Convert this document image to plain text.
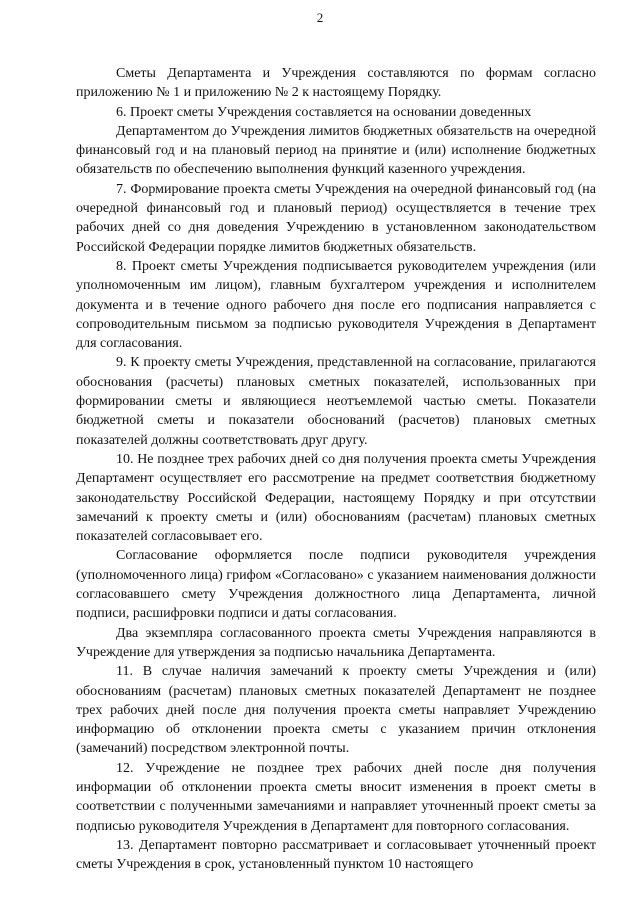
2

Сметы Департамента и Учреждения составляются по формам согласно приложению № 1 и приложению № 2 к настоящему Порядку.

6. Проект сметы Учреждения составляется на основании доведенных

Департаментом до Учреждения лимитов бюджетных обязательств на очередной финансовый год и на плановый период на принятие и (или) исполнение бюджетных обязательств по обеспечению выполнения функций казенного учреждения.

7. Формирование проекта сметы Учреждения на очередной финансовый год (на очередной финансовый год и плановый период) осуществляется в течение трех рабочих дней со дня доведения Учреждению в установленном законодательством Российской Федерации порядке лимитов бюджетных обязательств.

8. Проект сметы Учреждения подписывается руководителем учреждения (или уполномоченным им лицом), главным бухгалтером учреждения и исполнителем документа и в течение одного рабочего дня после его подписания направляется с сопроводительным письмом за подписью руководителя Учреждения в Департамент для согласования.

9. К проекту сметы Учреждения, представленной на согласование, прилагаются обоснования (расчеты) плановых сметных показателей, использованных при формировании сметы и являющиеся неотъемлемой частью сметы. Показатели бюджетной сметы и показатели обоснований (расчетов) плановых сметных показателей должны соответствовать друг другу.

10. Не позднее трех рабочих дней со дня получения проекта сметы Учреждения Департамент осуществляет его рассмотрение на предмет соответствия бюджетному законодательству Российской Федерации, настоящему Порядку и при отсутствии замечаний к проекту сметы и (или) обоснованиям (расчетам) плановых сметных показателей согласовывает его.

Согласование оформляется после подписи руководителя учреждения (уполномоченного лица) грифом «Согласовано» с указанием наименования должности согласовавшего смету Учреждения должностного лица Департамента, личной подписи, расшифровки подписи и даты согласования.

Два экземпляра согласованного проекта сметы Учреждения направляются в Учреждение для утверждения за подписью начальника Департамента.

11. В случае наличия замечаний к проекту сметы Учреждения и (или) обоснованиям (расчетам) плановых сметных показателей Департамент не позднее трех рабочих дней после дня получения проекта сметы направляет Учреждению информацию об отклонении проекта сметы с указанием причин отклонения (замечаний) посредством электронной почты.

12. Учреждение не позднее трех рабочих дней после дня получения информации об отклонении проекта сметы вносит изменения в проект сметы в соответствии с полученными замечаниями и направляет уточненный проект сметы за подписью руководителя Учреждения в Департамент для повторного согласования.

13. Департамент повторно рассматривает и согласовывает уточненный проект сметы Учреждения в срок, установленный пунктом 10 настоящего
